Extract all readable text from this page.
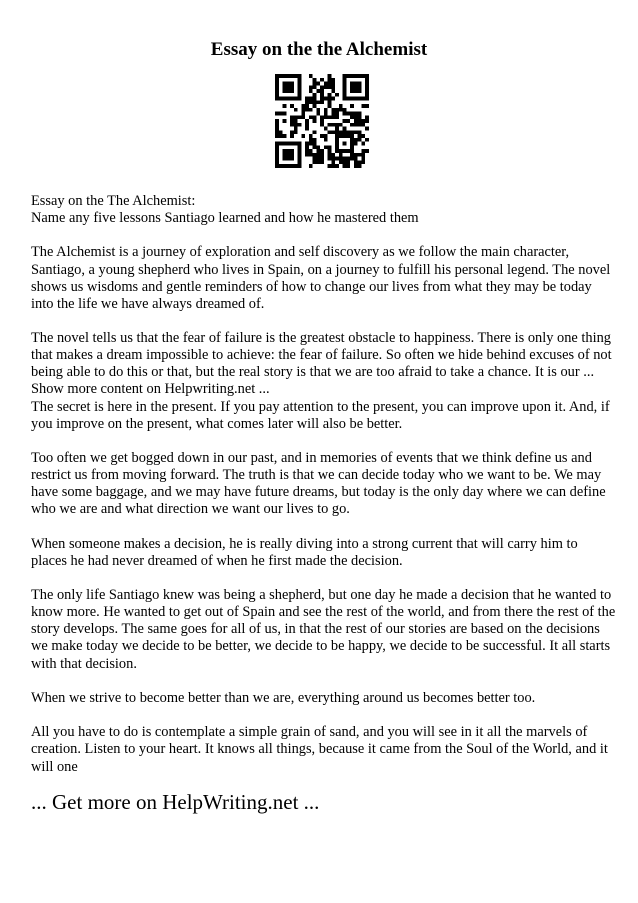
Essay on the the Alchemist

Essay on the The Alchemist:
Name any five lessons Santiago learned and how he mastered them

The Alchemist is a journey of exploration and self discovery as we follow the main character, Santiago, a young shepherd who lives in Spain, on a journey to fulfill his personal legend. The novel shows us wisdoms and gentle reminders of how to change our lives from what they may be today into the life we have always dreamed of.

The novel tells us that the fear of failure is the greatest obstacle to happiness. There is only one thing that makes a dream impossible to achieve: the fear of failure. So often we hide behind excuses of not being able to do this or that, but the real story is that we are too afraid to take a chance. It is our ... Show more content on Helpwriting.net ...

The secret is here in the present. If you pay attention to the present, you can improve upon it. And, if you improve on the present, what comes later will also be better.

Too often we get bogged down in our past, and in memories of events that we think define us and restrict us from moving forward. The truth is that we can decide today who we want to be. We may have some baggage, and we may have future dreams, but today is the only day where we can define who we are and what direction we want our lives to go.

When someone makes a decision, he is really diving into a strong current that will carry him to places he had never dreamed of when he first made the decision.

The only life Santiago knew was being a shepherd, but one day he made a decision that he wanted to know more. He wanted to get out of Spain and see the rest of the world, and from there the rest of the story develops. The same goes for all of us, in that the rest of our stories are based on the decisions we make today we decide to be better, we decide to be happy, we decide to be successful. It all starts with that decision.

When we strive to become better than we are, everything around us becomes better too.

All you have to do is contemplate a simple grain of sand, and you will see in it all the marvels of creation. Listen to your heart. It knows all things, because it came from the Soul of the World, and it will one

... Get more on HelpWriting.net ...
